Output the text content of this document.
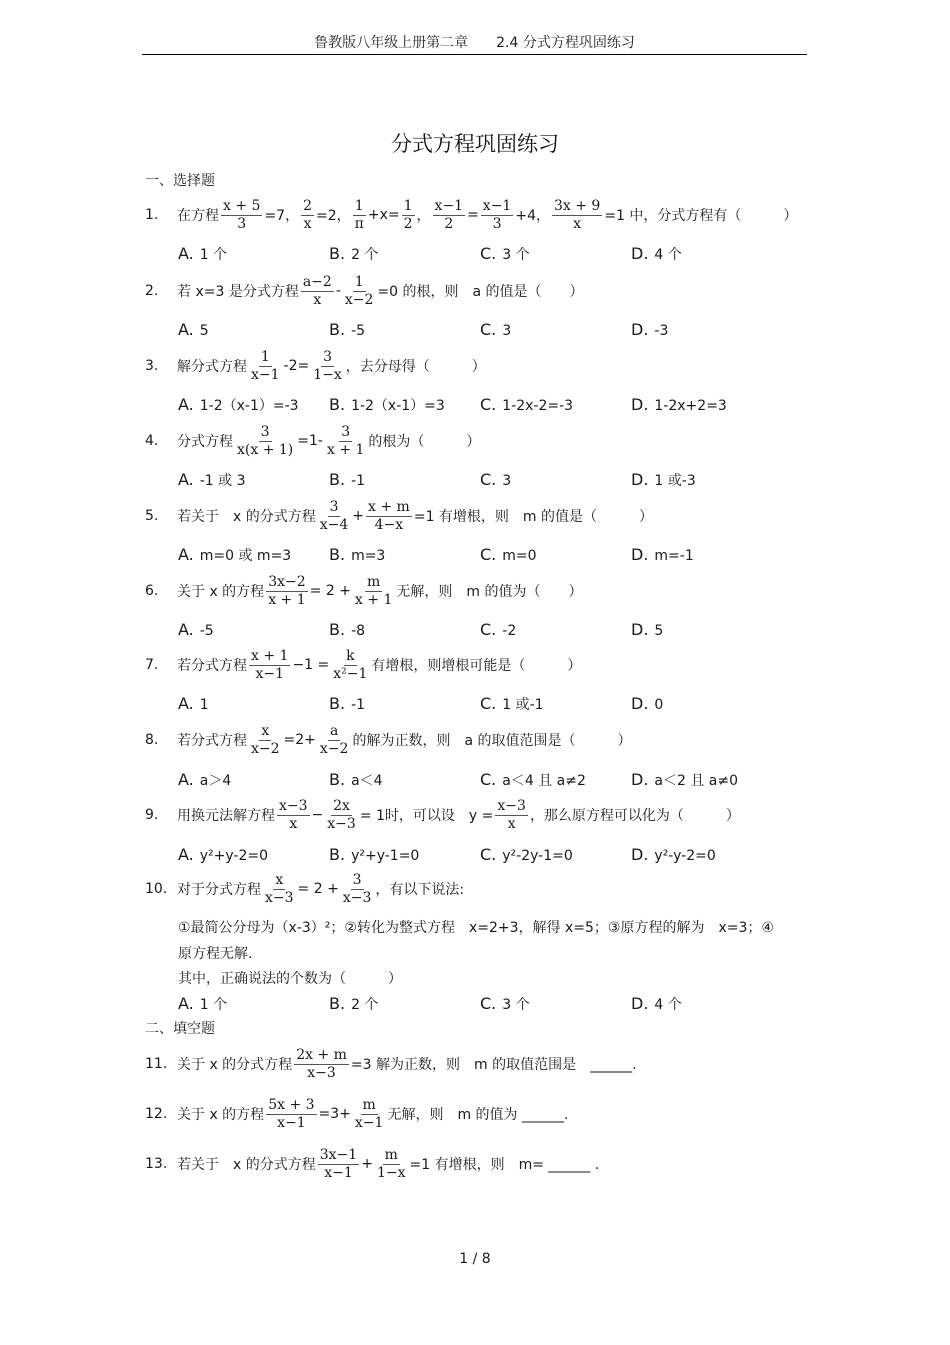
鲁教版八年级上册第二章　　2.4 分式方程巩固练习
分式方程巩固练习
一、选择题
1.	在方程 $\frac{x + 5}{3} =7$， $\frac{2}{x} =2$， $\frac{1}{\pi} +x= \frac{1}{2}$ ， $\frac{x-1}{2} = \frac{x-1}{3} +4$， $\frac{3x + 9}{x} =1$ 中，分式方程有（　　　）
A. 1 个	B. 2 个	C. 3 个	D. 4 个
2.	若 x=3 是分式方程 $\frac{a-2}{x} - \frac{1}{x-2} =0$ 的根，则　a 的值是（　　）
A. 5	B. -5	C. 3	D. -3
3.	解分式方程 $\frac{1}{x-1} -2= \frac{3}{1-x}$ ，去分母得（　　　）
A. 1-2（x-1）=-3	B. 1-2（x-1）=3	C. 1-2x-2=-3	D. 1-2x+2=3
4.	分式方程 $\frac{3}{x(x + 1)} =1- \frac{3}{x + 1}$ 的根为（　　　）
A. -1 或 3	B. -1	C. 3	D. 1 或-3
5.	若关于　x 的分式方程 $\frac{3}{x-4} + \frac{x + m}{4-x} =1$ 有增根，则　m 的值是（　　　）
A. m=0 或 m=3	B. m=3	C. m=0	D. m=-1
6.	关于 x 的方程 $\frac{3x-2}{x + 1} = 2 + \frac{m}{x + 1}$ 无解，则　m 的值为（　　）
A. -5	B. -8	C. -2	D. 5
7.	若分式方程 $\frac{x + 1}{x-1} -1 = \frac{k}{\text{x²−1}}$ 有增根，则增根可能是（　　　）
A. 1	B. -1	C. 1 或-1	D. 0
8.	若分式方程 $\frac{x}{x-2} =2+ \frac{a}{x-2}$ 的解为正数，则　a 的取值范围是（　　　）
A. a＞4	B. a＜4	C. a＜4 且 a≠2	D. a＜2 且 a≠0
9.	用换元法解方程 $\frac{x-3}{x} - \frac{2x}{x-3} = 1$时，可以设　$y = \frac{x-3}{x}$ ，那么原方程可以化为（　　　）
A. y²+y-2=0	B. y²+y-1=0	C. y²-2y-1=0	D. y²-y-2=0
10. 对于分式方程 $\frac{x}{x-3} = 2 + \frac{3}{x-3}$ ，有以下说法:
①最简公分母为（x-3）²；②转化为整式方程　x=2+3，解得 x=5；③原方程的解为　x=3；④
原方程无解.
其中，正确说法的个数为（　　　）
A. 1 个	B. 2 个	C. 3 个	D. 4 个
二、填空题
11. 关于 x 的分式方程 $\frac{2x + m}{x-3} =3$ 解为正数，则　m 的取值范围是　______.
12. 关于 x 的方程 $\frac{5x + 3}{x-1} =3+ \frac{m}{x-1}$ 无解，则　m 的值为 ______.
13. 若关于　x 的分式方程 $\frac{3x-1}{x-1} + \frac{m}{1-x} =1$ 有增根，则　m= ______ .
1 / 8
